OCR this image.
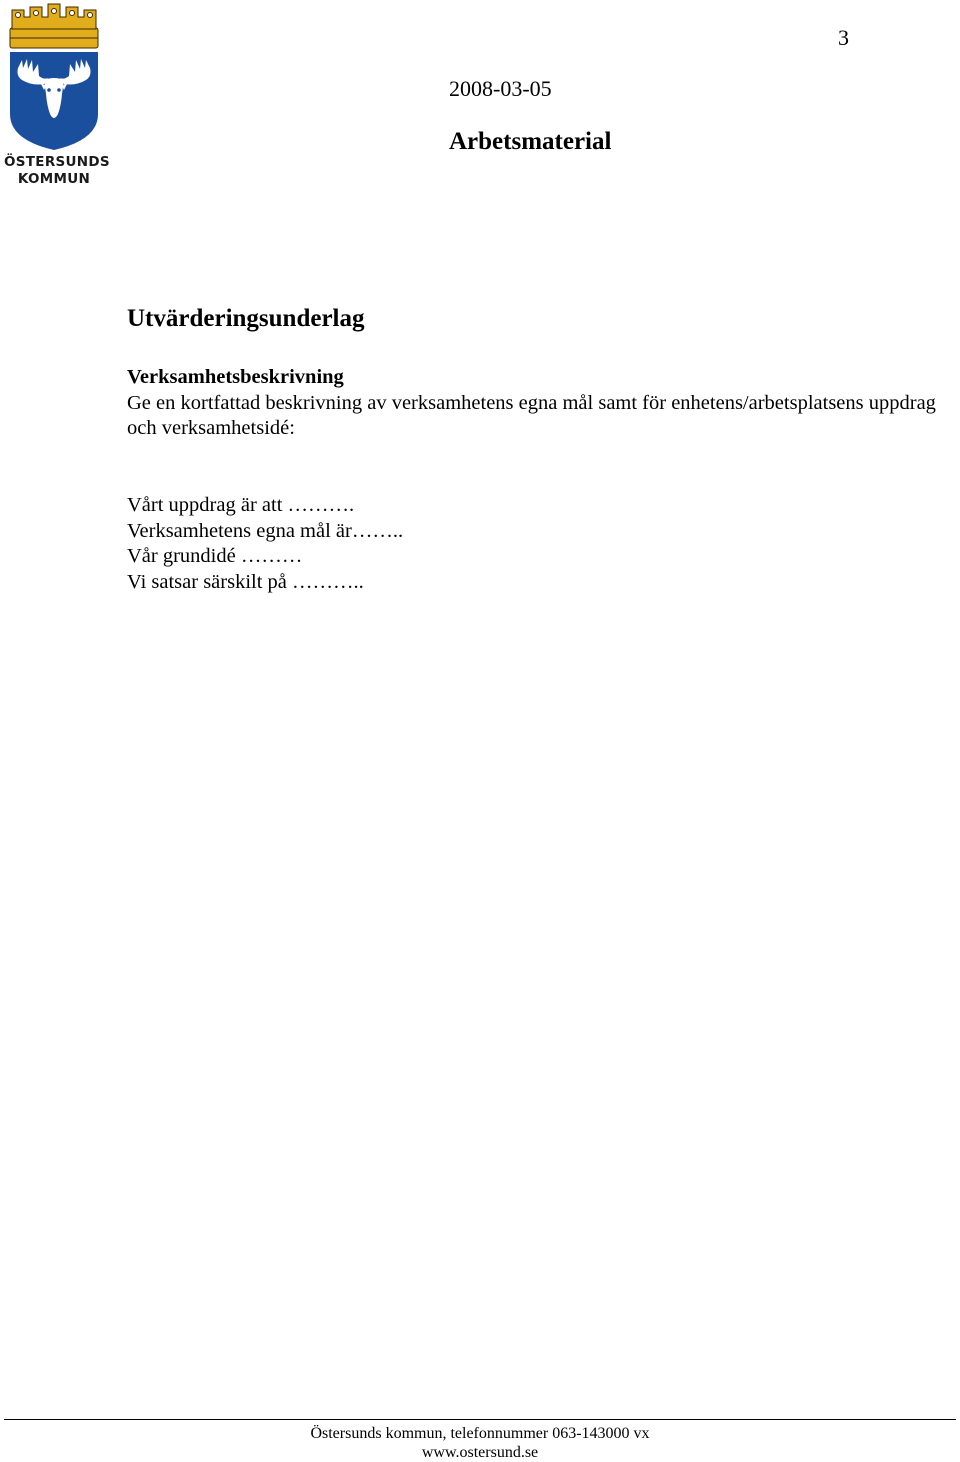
ÖSTERSUNDS
KOMMUN
3
2008-03-05
Arbetsmaterial
Utvärderingsunderlag
Verksamhetsbeskrivning
Ge en kortfattad beskrivning av verksamhetens egna mål samt för enhetens/arbetsplatsens uppdrag och verksamhetsidé:
Vårt uppdrag är att ……….
Verksamhetens egna mål är……..
Vår grundidé ………
Vi satsar särskilt på ………..
Östersunds kommun, telefonnummer 063-143000 vx
www.ostersund.se
